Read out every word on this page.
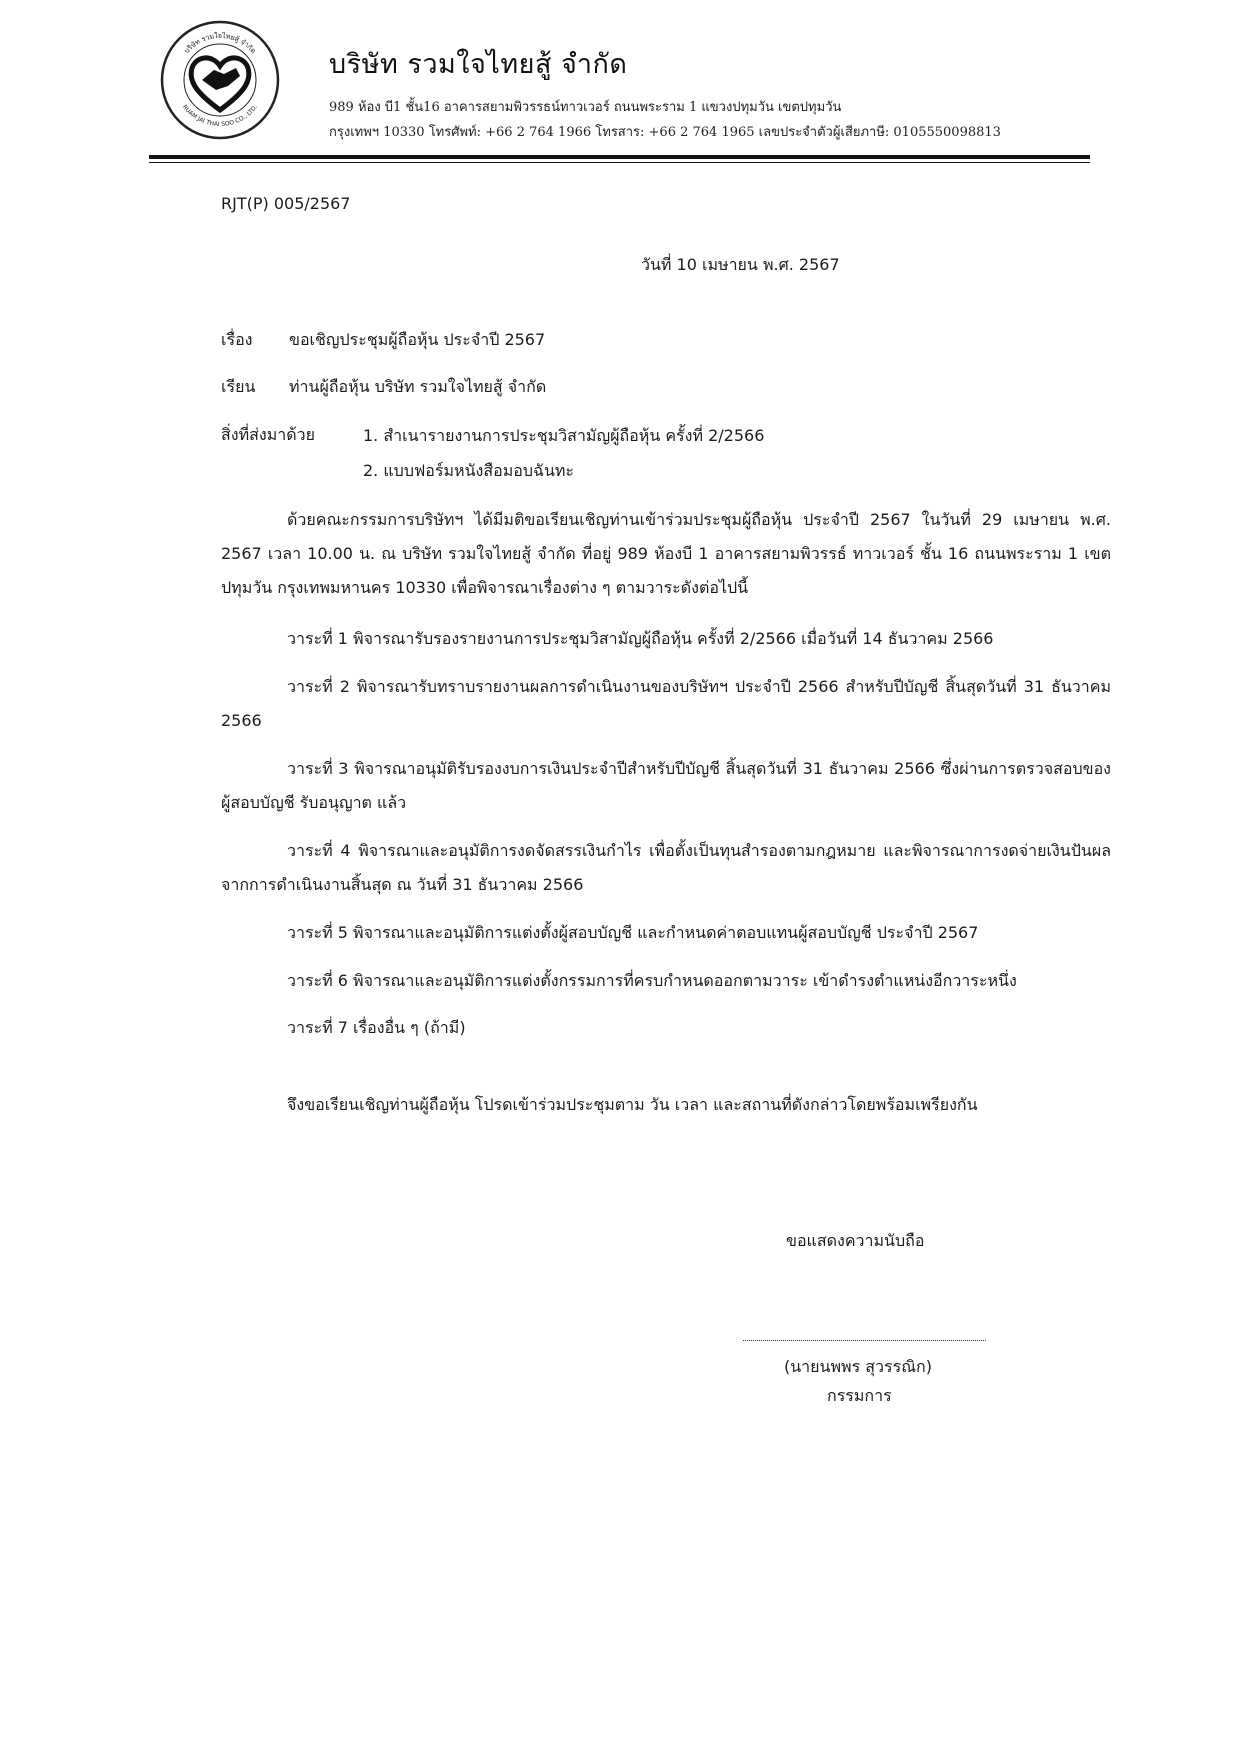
บริษัท รวมใจไทยสู้ จำกัด
RUAM JAI THAI SOO CO., LTD.
บริษัท รวมใจไทยสู้ จำกัด
989 ห้อง บี1 ชั้น16 อาคารสยามพิวรรธน์ทาวเวอร์ ถนนพระราม 1 แขวงปทุมวัน เขตปทุมวัน
กรุงเทพฯ 10330 โทรศัพท์: +66 2 764 1966 โทรสาร: +66 2 764 1965 เลขประจำตัวผู้เสียภาษี: 0105550098813
RJT(P) 005/2567
วันที่ 10 เมษายน พ.ศ. 2567
เรื่อง ขอเชิญประชุมผู้ถือหุ้น ประจำปี 2567
เรียน ท่านผู้ถือหุ้น บริษัท รวมใจไทยสู้ จำกัด
สิ่งที่ส่งมาด้วย	1. สำเนารายงานการประชุมวิสามัญผู้ถือหุ้น ครั้งที่ 2/2566
2. แบบฟอร์มหนังสือมอบฉันทะ
ด้วยคณะกรรมการบริษัทฯ ได้มีมติขอเรียนเชิญท่านเข้าร่วมประชุมผู้ถือหุ้น ประจำปี 2567 ในวันที่ 29 เมษายน พ.ศ. 2567 เวลา 10.00 น. ณ บริษัท รวมใจไทยสู้ จำกัด ที่อยู่ 989 ห้องบี 1 อาคารสยามพิวรรธ์ ทาวเวอร์ ชั้น 16 ถนนพระราม 1 เขตปทุมวัน กรุงเทพมหานคร 10330 เพื่อพิจารณาเรื่องต่าง ๆ ตามวาระดังต่อไปนี้
วาระที่ 1 พิจารณารับรองรายงานการประชุมวิสามัญผู้ถือหุ้น ครั้งที่ 2/2566 เมื่อวันที่ 14 ธันวาคม 2566
วาระที่ 2 พิจารณารับทราบรายงานผลการดำเนินงานของบริษัทฯ ประจำปี 2566 สำหรับปีบัญชี สิ้นสุดวันที่ 31 ธันวาคม 2566
วาระที่ 3 พิจารณาอนุมัติรับรองงบการเงินประจำปีสำหรับปีบัญชี สิ้นสุดวันที่ 31 ธันวาคม 2566 ซึ่งผ่านการตรวจสอบของผู้สอบบัญชี รับอนุญาต แล้ว
วาระที่ 4 พิจารณาและอนุมัติการงดจัดสรรเงินกำไร เพื่อตั้งเป็นทุนสำรองตามกฎหมาย และพิจารณาการงดจ่ายเงินปันผลจากการดำเนินงานสิ้นสุด ณ วันที่ 31 ธันวาคม 2566
วาระที่ 5 พิจารณาและอนุมัติการแต่งตั้งผู้สอบบัญชี และกำหนดค่าตอบแทนผู้สอบบัญชี ประจำปี 2567
วาระที่ 6 พิจารณาและอนุมัติการแต่งตั้งกรรมการที่ครบกำหนดออกตามวาระ เข้าดำรงตำแหน่งอีกวาระหนึ่ง
วาระที่ 7 เรื่องอื่น ๆ (ถ้ามี)
จึงขอเรียนเชิญท่านผู้ถือหุ้น โปรดเข้าร่วมประชุมตาม วัน เวลา และสถานที่ดังกล่าวโดยพร้อมเพรียงกัน
ขอแสดงความนับถือ
(นายนพพร สุวรรณิก)
กรรมการ
